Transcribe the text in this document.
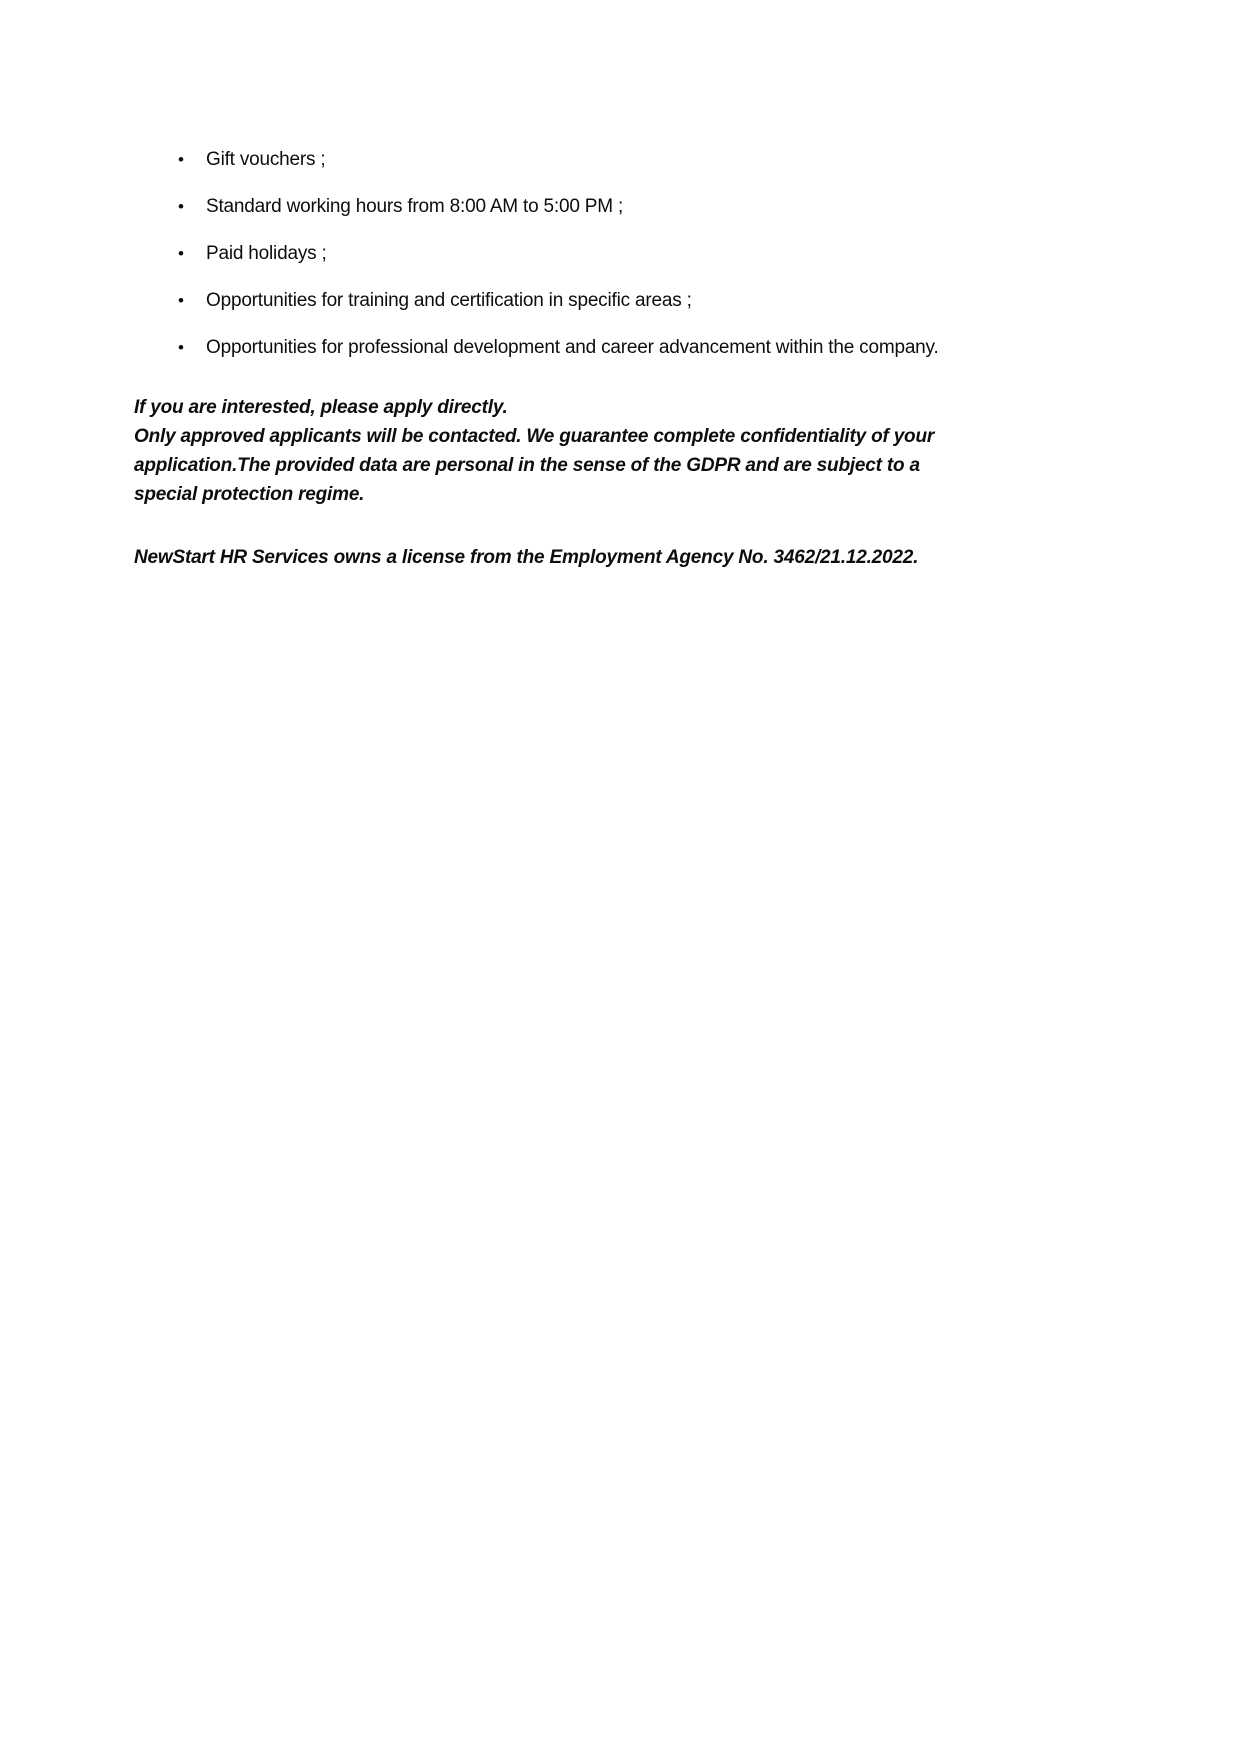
• Gift vouchers ;
• Standard working hours from 8:00 AM to 5:00 PM ;
• Paid holidays ;
• Opportunities for training and certification in specific areas ;
• Opportunities for professional development and career advancement within the company.
If you are interested, please apply directly.
Only approved applicants will be contacted. We guarantee complete confidentiality of your
application.The provided data are personal in the sense of the GDPR and are subject to a
special protection regime.
NewStart HR Services owns a license from the Employment Agency No. 3462/21.12.2022.
